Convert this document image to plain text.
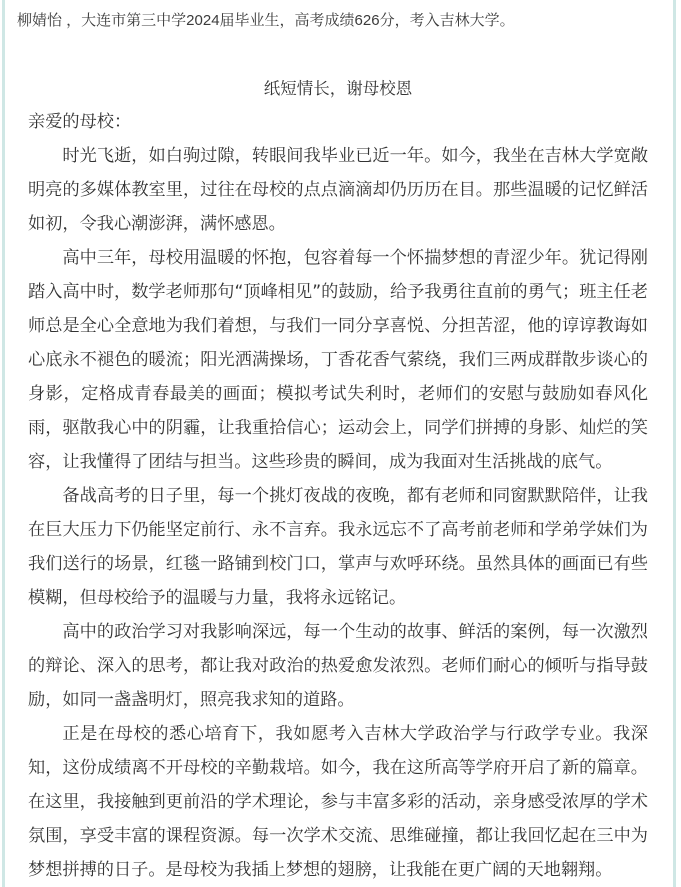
柳婧怡 ，大连市第三中学2024届毕业生，高考成绩626分，考入吉林大学。
纸短情长，谢母校恩

亲爱的母校：

时光飞逝，如白驹过隙，转眼间我毕业已近一年。如今，我坐在吉林大学宽敞明亮的多媒体教室里，过往在母校的点点滴滴却仍历历在目。那些温暖的记忆鲜活如初，令我心潮澎湃，满怀感恩。

高中三年，母校用温暖的怀抱，包容着每一个怀揣梦想的青涩少年。犹记得刚踏入高中时，数学老师那句“顶峰相见”的鼓励，给予我勇往直前的勇气；班主任老师总是全心全意地为我们着想，与我们一同分享喜悦、分担苦涩，他的谆谆教诲如心底永不褪色的暖流；阳光洒满操场，丁香花香气萦绕，我们三两成群散步谈心的身影，定格成青春最美的画面；模拟考试失利时，老师们的安慰与鼓励如春风化雨，驱散我心中的阴霾，让我重拾信心；运动会上，同学们拼搏的身影、灿烂的笑容，让我懂得了团结与担当。这些珍贵的瞬间，成为我面对生活挑战的底气。

备战高考的日子里，每一个挑灯夜战的夜晚，都有老师和同窗默默陪伴，让我在巨大压力下仍能坚定前行、永不言弃。我永远忘不了高考前老师和学弟学妹们为我们送行的场景，红毯一路铺到校门口，掌声与欢呼环绕。虽然具体的画面已有些模糊，但母校给予的温暖与力量，我将永远铭记。

高中的政治学习对我影响深远，每一个生动的故事、鲜活的案例，每一次激烈的辩论、深入的思考，都让我对政治的热爱愈发浓烈。老师们耐心的倾听与指导鼓励，如同一盏盏明灯，照亮我求知的道路。

正是在母校的悉心培育下，我如愿考入吉林大学政治学与行政学专业。我深知，这份成绩离不开母校的辛勤栽培。如今，我在这所高等学府开启了新的篇章。在这里，我接触到更前沿的学术理论，参与丰富多彩的活动，亲身感受浓厚的学术氛围，享受丰富的课程资源。每一次学术交流、思维碰撞，都让我回忆起在三中为梦想拼搏的日子。是母校为我插上梦想的翅膀，让我能在更广阔的天地翱翔。
